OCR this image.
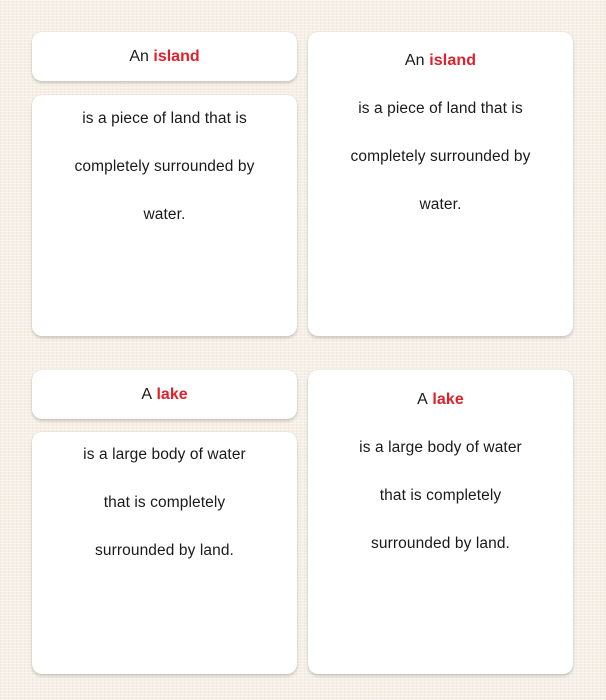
An
island
is a piece of land that is
completely surrounded by
water.
An island
is a piece of land that is
completely surrounded by
water.
A
lake
is a large body of water
that is completely
surrounded by land.
A lake
is a large body of water
that is completely
surrounded by land.
